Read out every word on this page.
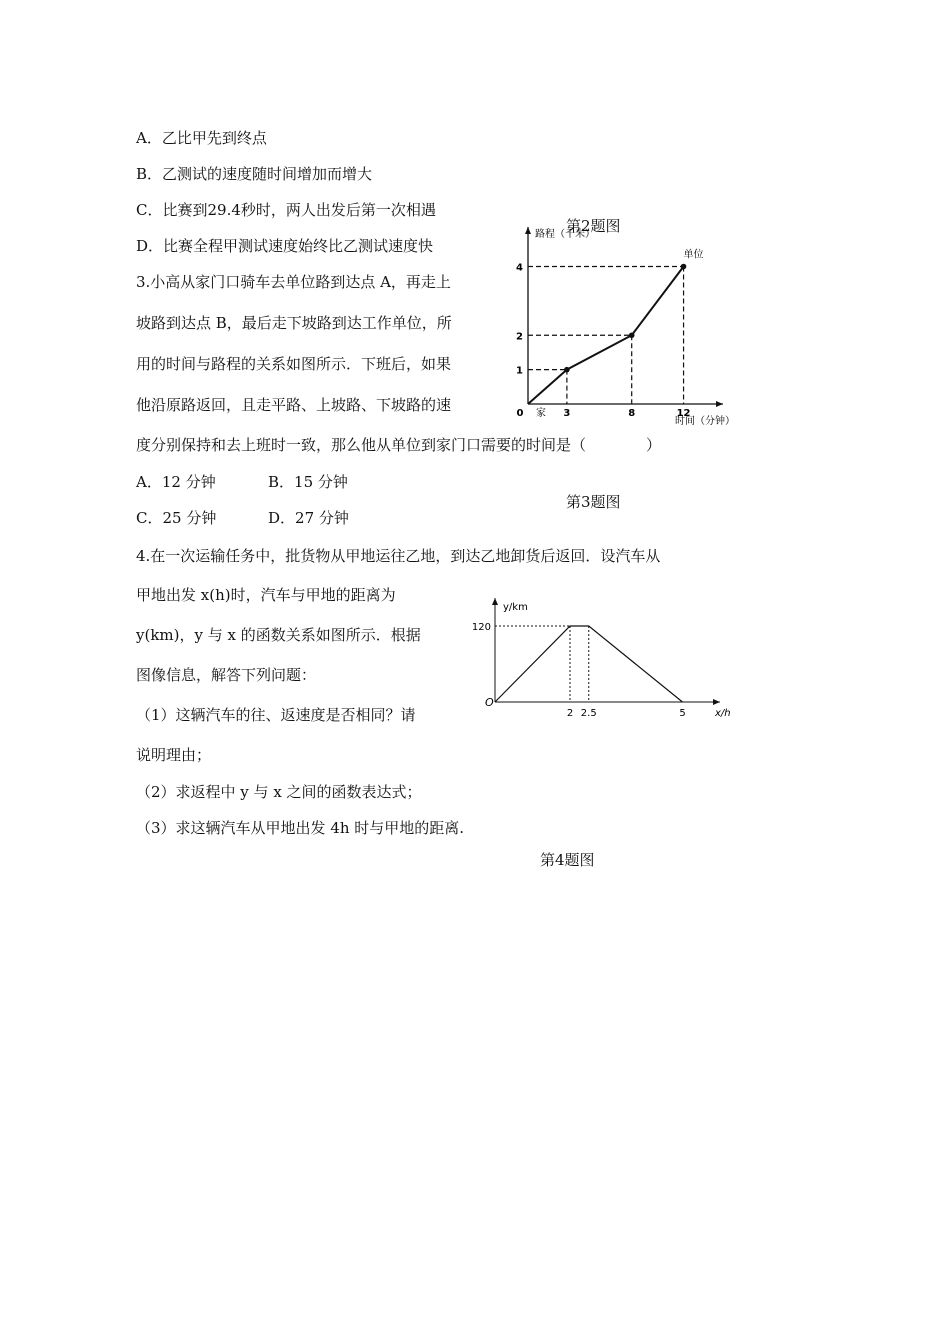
A．乙比甲先到终点
B．乙测试的速度随时间增加而增大
C．比赛到29.4秒时，两人出发后第一次相遇
D．比赛全程甲测试速度始终比乙测试速度快
第2题图
3.小高从家门口骑车去单位路到达点 A，再走上
坡路到达点 B，最后走下坡路到达工作单位，所
用的时间与路程的关系如图所示．下班后，如果
他沿原路返回，且走平路、上坡路、下坡路的速
度分别保持和去上班时一致，那么他从单位到家门口需要的时间是（　　　　）
A．12 分钟	B．15 分钟
C．25 分钟	D．27 分钟
第3题图
4.在一次运输任务中，批货物从甲地运往乙地，到达乙地卸货后返回．设汽车从
甲地出发 x(h)时，汽车与甲地的距离为
y(km)，y 与 x 的函数关系如图所示．根据
图像信息，解答下列问题：
（1）这辆汽车的往、返速度是否相同？请
说明理由；
（2）求返程中 y 与 x 之间的函数表达式；
（3）求这辆汽车从甲地出发 4h 时与甲地的距离.
第4题图
路程（千米）
时间（分钟）
0 家 3
1
8
2
12
4
单位
y/km
x/h
O
120
2 2.5	5
